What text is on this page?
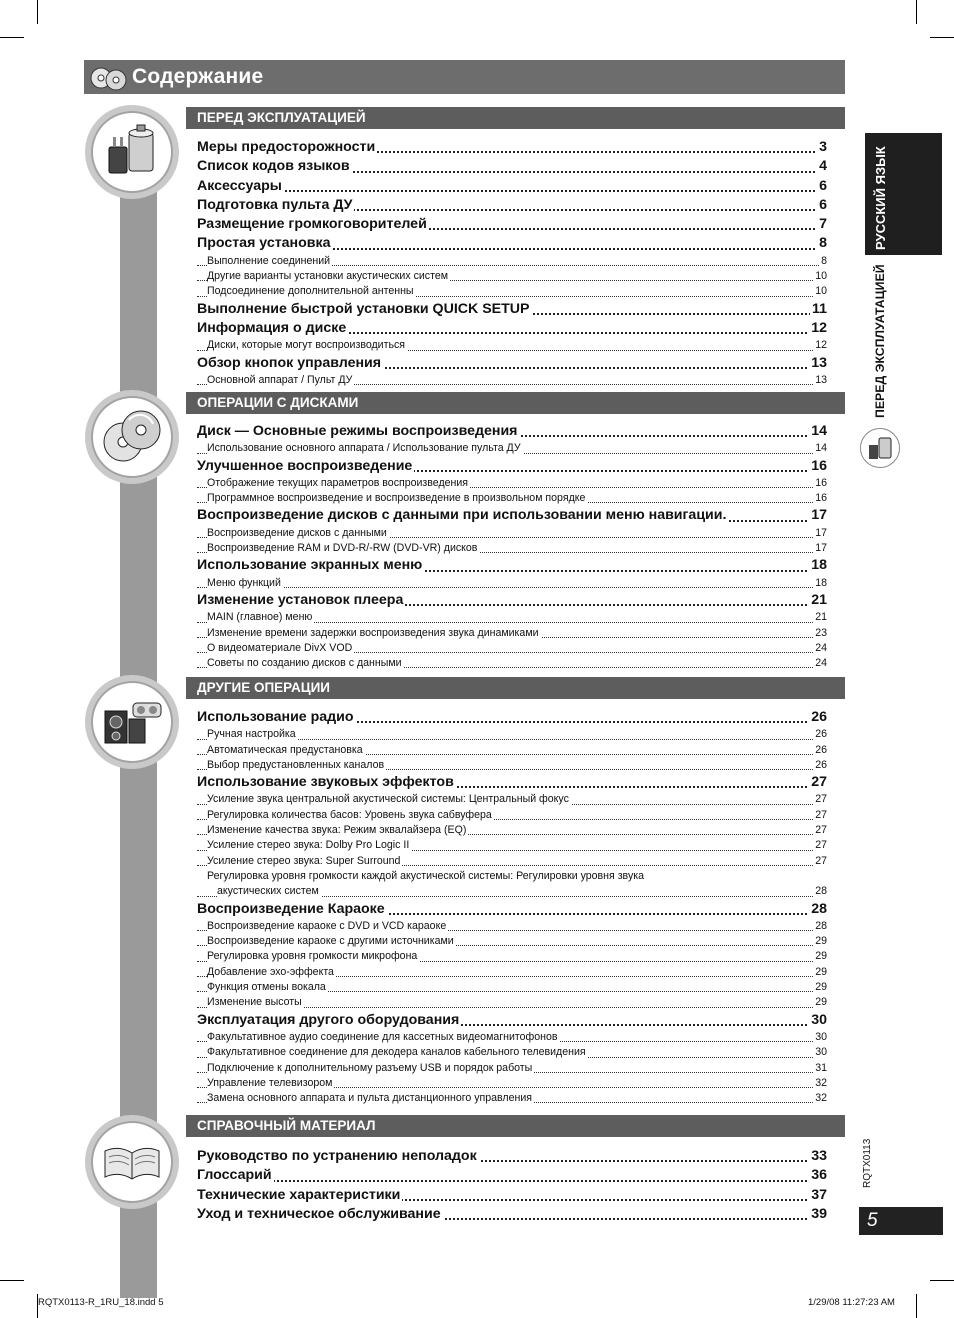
Содержание
ПЕРЕД ЭКСПЛУАТАЦИЕЙ
Меры предосторожности	3
Список кодов языков	4
Аксессуары	6
Подготовка пульта ДУ	6
Размещение громкоговорителей	7
Простая установка	8
Выполнение соединений	8
Другие варианты установки акустических систем	10
Подсоединение дополнительной антенны	10
Выполнение быстрой установки QUICK SETUP	11
Информация о диске	12
Диски, которые могут воспроизводиться	12
Обзор кнопок управления	13
Основной аппарат / Пульт ДУ	13
ОПЕРАЦИИ С ДИСКАМИ
Диск — Основные режимы воспроизведения	14
Использование основного аппарата / Использование пульта ДУ	14
Улучшенное воспроизведение	16
Отображение текущих параметров воспроизведения	16
Программное воспроизведение и воспроизведение в произвольном порядке	16
Воспроизведение дисков с данными при использовании меню навигации.	17
Воспроизведение дисков с данными	17
Воспроизведение RAM и DVD-R/-RW (DVD-VR) дисков	17
Использование экранных меню	18
Меню функций	18
Изменение установок плеера	21
MAIN (главное) меню	21
Изменение времени задержки воспроизведения звука динамиками	23
О видеоматериале DivX VOD	24
Советы по созданию дисков с данными	24
ДРУГИЕ ОПЕРАЦИИ
Использование радио	26
Ручная настройка	26
Автоматическая предустановка	26
Выбор предустановленных каналов	26
Использование звуковых эффектов	27
Усиление звука центральной акустической системы: Центральный фокус	27
Регулировка количества басов: Уровень звука сабвуфера	27
Изменение качества звука: Режим эквалайзера (EQ)	27
Усиление стерео звука: Dolby Pro Logic II	27
Усиление стерео звука: Super Surround	27
Регулировка уровня громкости каждой акустической системы: Регулировки уровня звука
акустических систем	28
Воспроизведение Караоке	28
Воспроизведение караоке с DVD и VCD караоке	28
Воспроизведение караоке с другими источниками	29
Регулировка уровня громкости микрофона	29
Добавление эхо-эффекта	29
Функция отмены вокала	29
Изменение высоты	29
Эксплуатация другого оборудования	30
Факультативное аудио соединение для кассетных видеомагнитофонов	30
Факультативное соединение для декодера каналов кабельного телевидения	30
Подключение к дополнительному разъему USB и порядок работы	31
Управление телевизором	32
Замена основного аппарата и пульта дистанционного управления	32
СПРАВОЧНЫЙ МАТЕРИАЛ
Руководство по устранению неполадок	33
Глоссарий	36
Технические характеристики	37
Уход и техническое обслуживание	39
РУССКИЙ ЯЗЫК
ПЕРЕД ЭКСПЛУАТАЦИЕЙ
RQTX0113
5
RQTX0113-R_1RU_18.indd 5	1/29/08 11:27:23 AM
